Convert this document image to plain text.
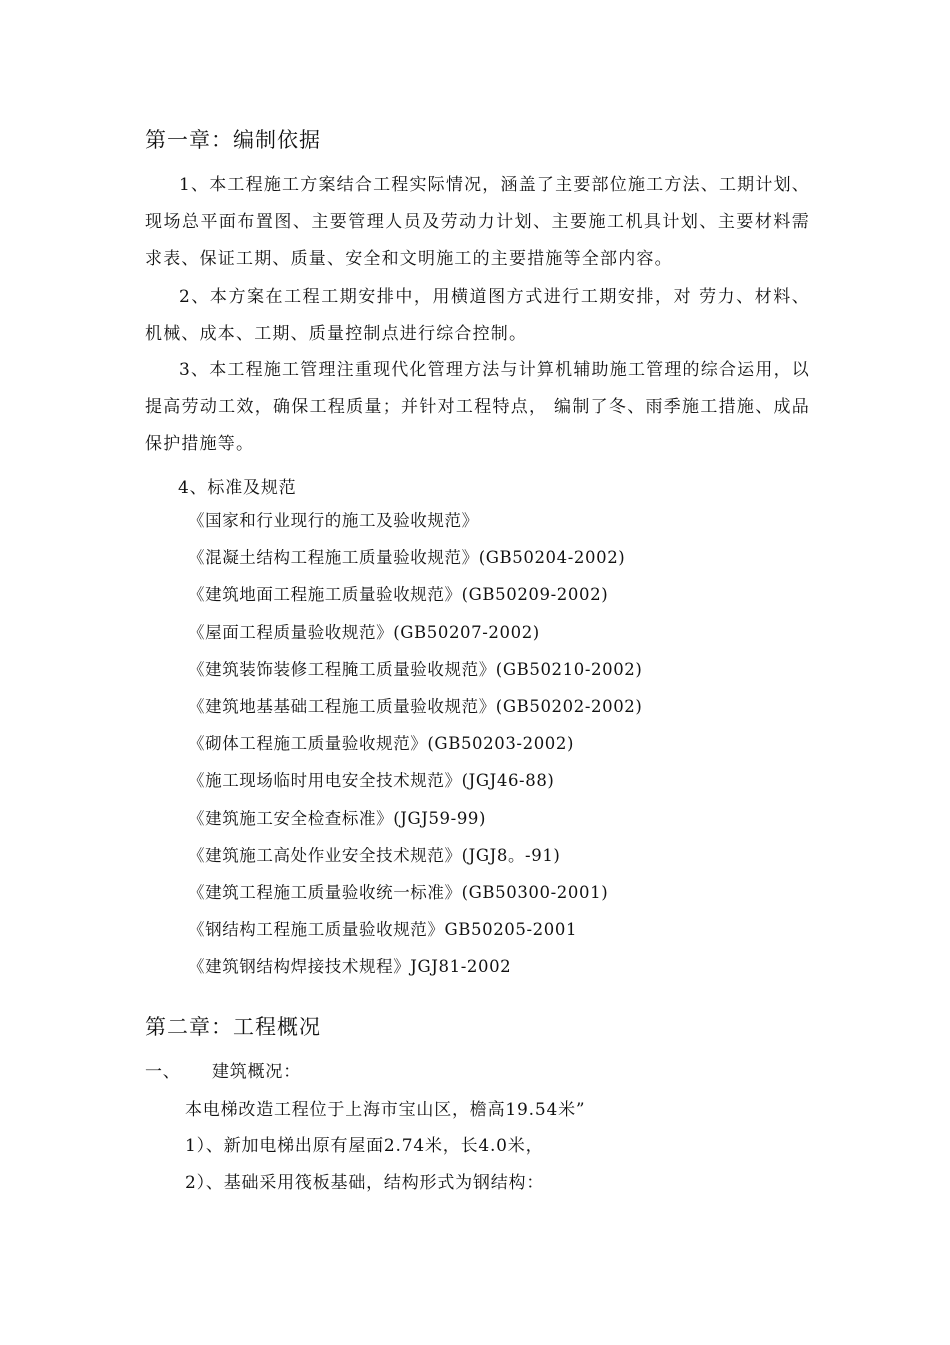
第一章：编制依据

1、本工程施工方案结合工程实际情况，涵盖了主要部位施工方法、工期计划、现场总平面布置图、主要管理人员及劳动力计划、主要施工机具计划、主要材料需求表、保证工期、质量、安全和文明施工的主要措施等全部内容。

2、本方案在工程工期安排中，用横道图方式进行工期安排，对 劳力、材料、机械、成本、工期、质量控制点进行综合控制。

3、本工程施工管理注重现代化管理方法与计算机辅助施工管理的综合运用，以提高劳动工效，确保工程质量；并针对工程特点， 编制了冬、雨季施工措施、成品保护措施等。

4、标准及规范
《国家和行业现行的施工及验收规范》
《混凝土结构工程施工质量验收规范》(GB50204-2002)
《建筑地面工程施工质量验收规范》(GB50209-2002)
《屋面工程质量验收规范》(GB50207-2002)
《建筑装饰装修工程腌工质量验收规范》(GB50210-2002)
《建筑地基基础工程施工质量验收规范》(GB50202-2002)
《砌体工程施工质量验收规范》(GB50203-2002)
《施工现场临时用电安全技术规范》(JGJ46-88)
《建筑施工安全检查标准》(JGJ59-99)
《建筑施工高处作业安全技术规范》(JGJ8。-91)
《建筑工程施工质量验收统一标准》(GB50300-2001)
《钢结构工程施工质量验收规范》GB50205-2001
《建筑钢结构焊接技术规程》JGJ81-2002
第二章：工程概况
一、 建筑概况：
本电梯改造工程位于上海市宝山区，檐高19.54米”
1）、新加电梯出原有屋面2.74米，长4.0米，
2）、基础采用筏板基础，结构形式为钢结构：
